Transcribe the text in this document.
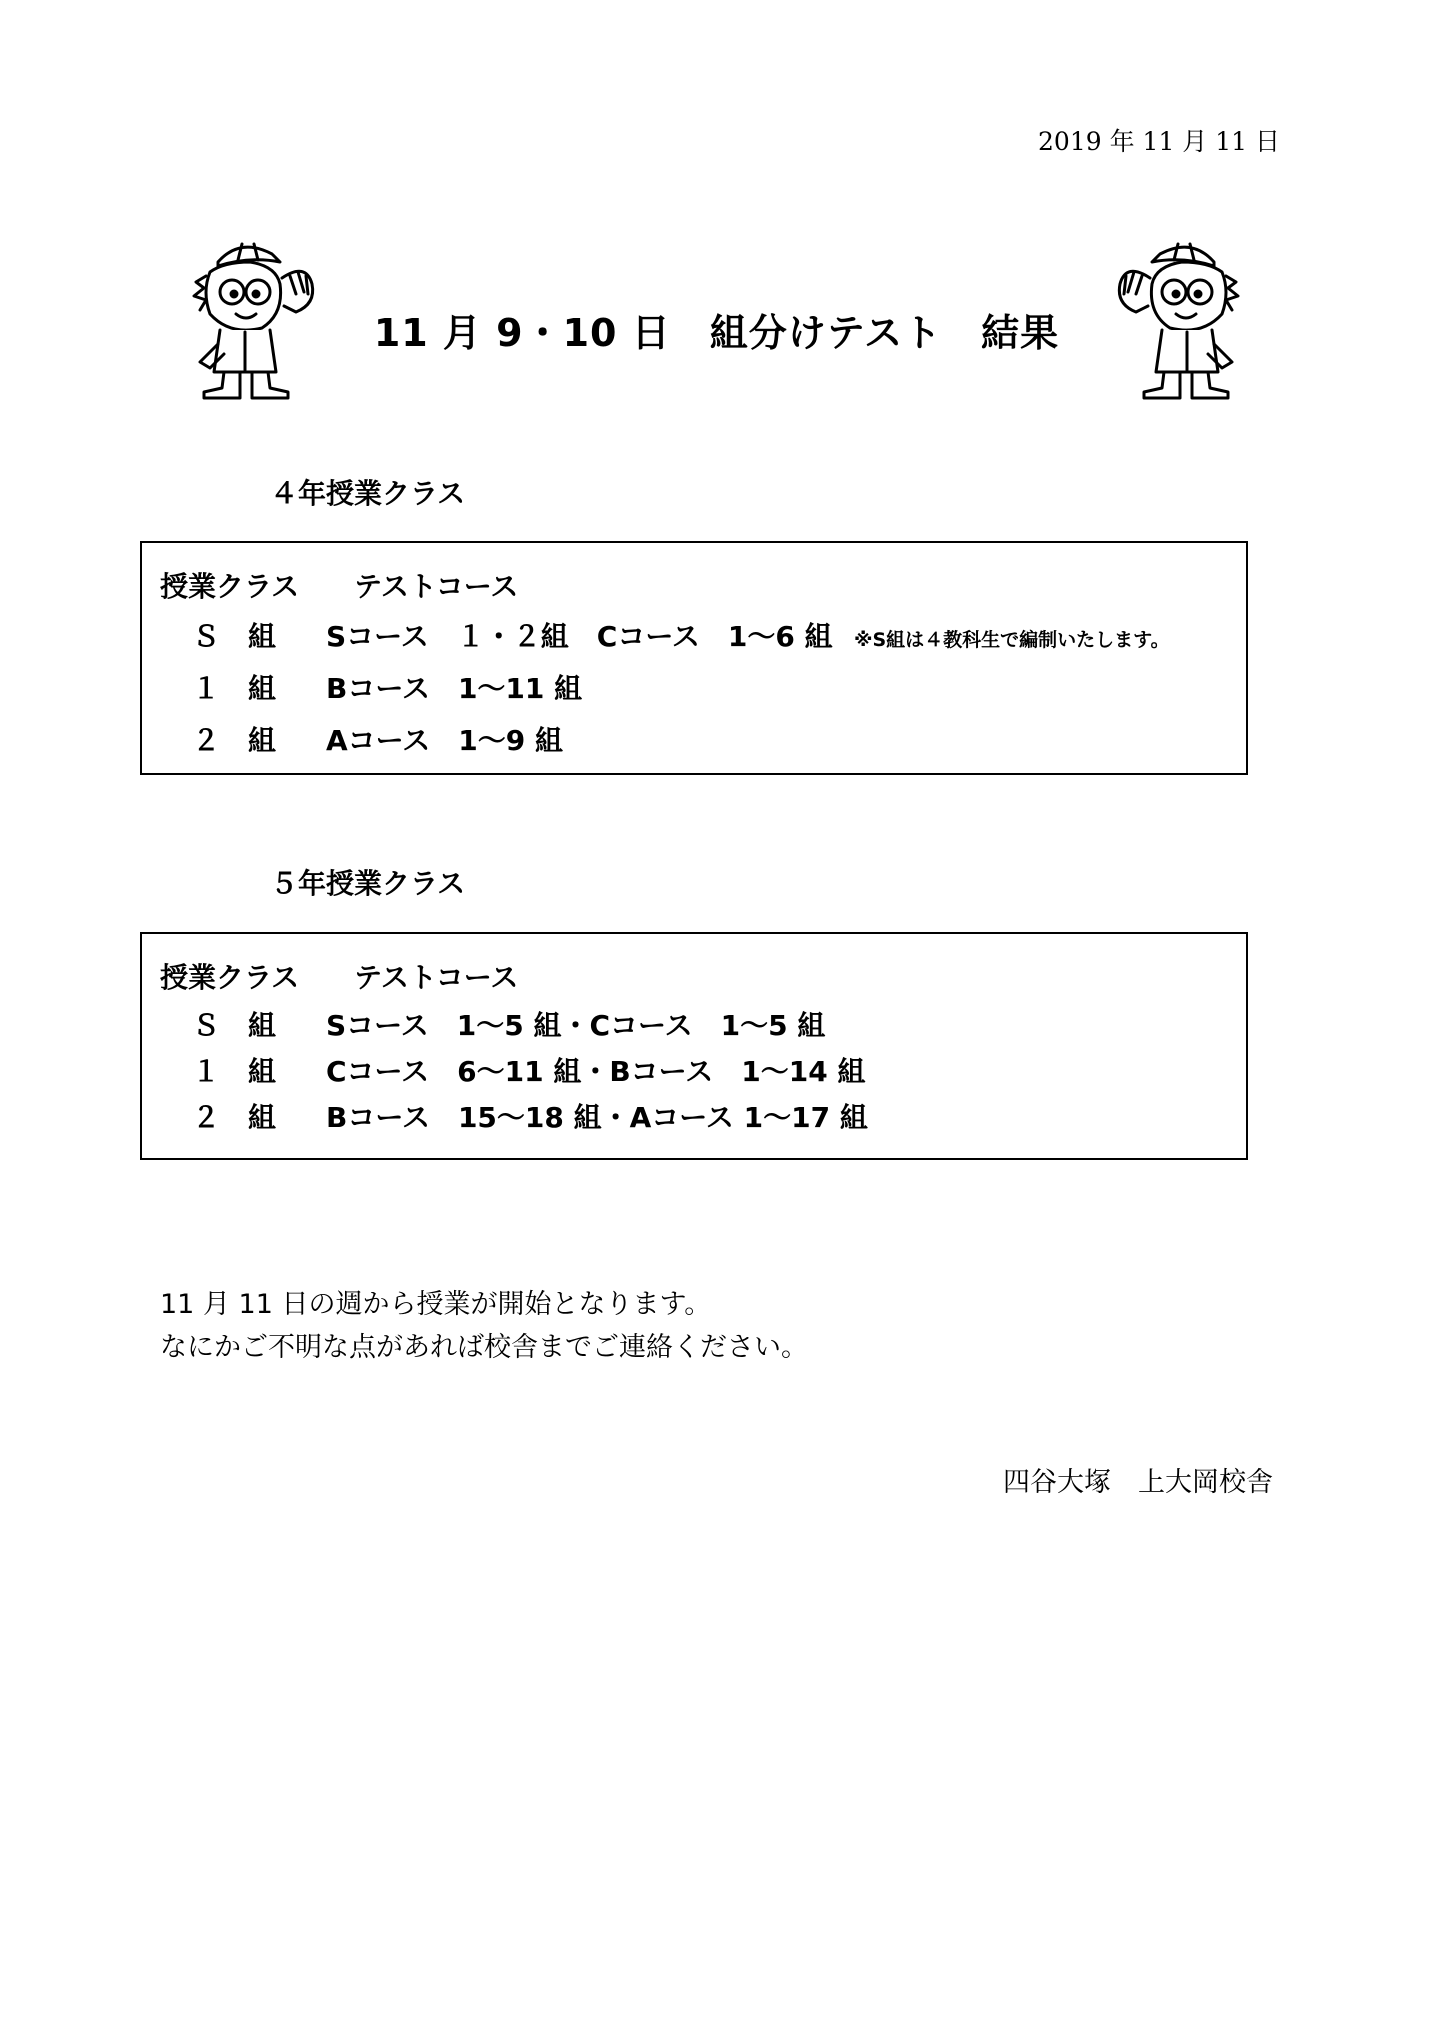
2019 年 11 月 11 日
11 月 9・10 日　組分けテスト　結果
４年授業クラス
授業クラス テストコース
Ｓ　組 Sコース　１・２組　Cコース　1～6 組 ※S組は４教科生で編制いたします。
１　組 Bコース　1～11 組
２　組 Aコース　1～9 組
５年授業クラス
授業クラス テストコース
Ｓ　組 Sコース　1～5 組・Cコース　1～5 組
１　組 Cコース　6～11 組・Bコース　1～14 組
２　組 Bコース　15～18 組・Aコース 1～17 組
11 月 11 日の週から授業が開始となります。
なにかご不明な点があれば校舎までご連絡ください。
四谷大塚　上大岡校舎
